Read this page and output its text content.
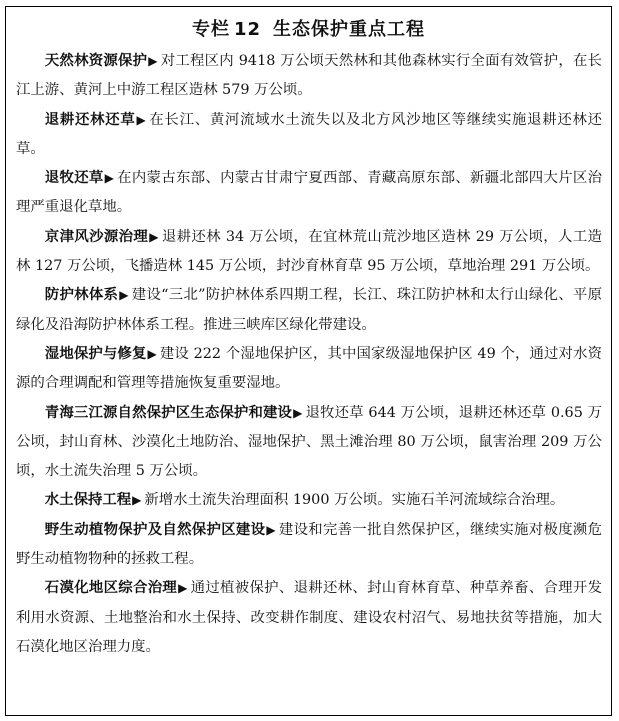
专栏 12 生态保护重点工程

天然林资源保护▶ 对工程区内 9418 万公顷天然林和其他森林实行全面有效管护，在长江上游、黄河上中游工程区造林 579 万公顷。

退耕还林还草▶ 在长江、黄河流域水土流失以及北方风沙地区等继续实施退耕还林还草。

退牧还草▶ 在内蒙古东部、内蒙古甘肃宁夏西部、青藏高原东部、新疆北部四大片区治理严重退化草地。

京津风沙源治理▶ 退耕还林 34 万公顷，在宜林荒山荒沙地区造林 29 万公顷，人工造林 127 万公顷，飞播造林 145 万公顷，封沙育林育草 95 万公顷，草地治理 291 万公顷。

防护林体系▶ 建设“三北”防护林体系四期工程，长江、珠江防护林和太行山绿化、平原绿化及沿海防护林体系工程。推进三峡库区绿化带建设。

湿地保护与修复▶ 建设 222 个湿地保护区，其中国家级湿地保护区 49 个，通过对水资源的合理调配和管理等措施恢复重要湿地。

青海三江源自然保护区生态保护和建设▶ 退牧还草 644 万公顷，退耕还林还草 0.65 万公顷，封山育林、沙漠化土地防治、湿地保护、黑土滩治理 80 万公顷，鼠害治理 209 万公顷，水土流失治理 5 万公顷。

水土保持工程▶ 新增水土流失治理面积 1900 万公顷。实施石羊河流域综合治理。

野生动植物保护及自然保护区建设▶ 建设和完善一批自然保护区，继续实施对极度濒危野生动植物物种的拯救工程。

石漠化地区综合治理▶ 通过植被保护、退耕还林、封山育林育草、种草养畜、合理开发利用水资源、土地整治和水土保持、改变耕作制度、建设农村沼气、易地扶贫等措施，加大石漠化地区治理力度。
